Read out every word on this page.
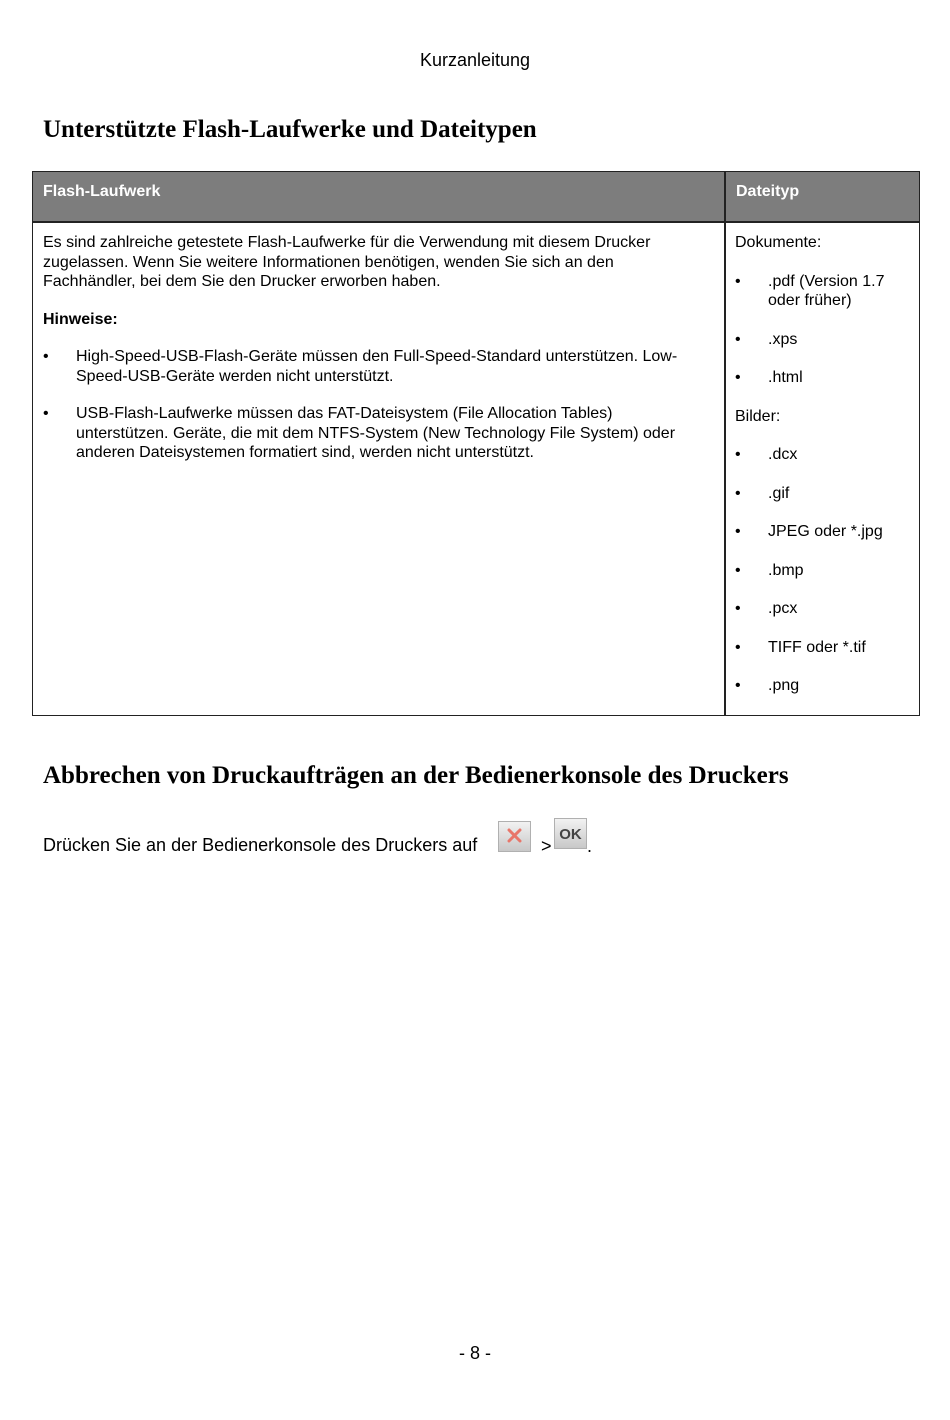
Kurzanleitung
Unterstützte Flash-Laufwerke und Dateitypen
Flash-Laufwerk	Dateityp

Es sind zahlreiche getestete Flash-Laufwerke für die Verwendung mit diesem Drucker
zugelassen. Wenn Sie weitere Informationen benötigen, wenden Sie sich an den
Fachhändler, bei dem Sie den Drucker erworben haben.

Hinweise:

• High-Speed-USB-Flash-Geräte müssen den Full-Speed-Standard unterstützen. Low-
Speed-USB-Geräte werden nicht unterstützt.
• USB-Flash-Laufwerke müssen das FAT-Dateisystem (File Allocation Tables)
unterstützen. Geräte, die mit dem NTFS-System (New Technology File System) oder
anderen Dateisystemen formatiert sind, werden nicht unterstützt.

Dokumente:

• .pdf (Version 1.7
oder früher)
• .xps
• .html

Bilder:

• .dcx
• .gif
• JPEG oder *.jpg
• .bmp
• .pcx
• TIFF oder *.tif
• .png
Abbrechen von Druckaufträgen an der Bedienerkonsole des Druckers
Drücken Sie an der Bedienerkonsole des Druckers auf	>
OK
.
- 8 -
